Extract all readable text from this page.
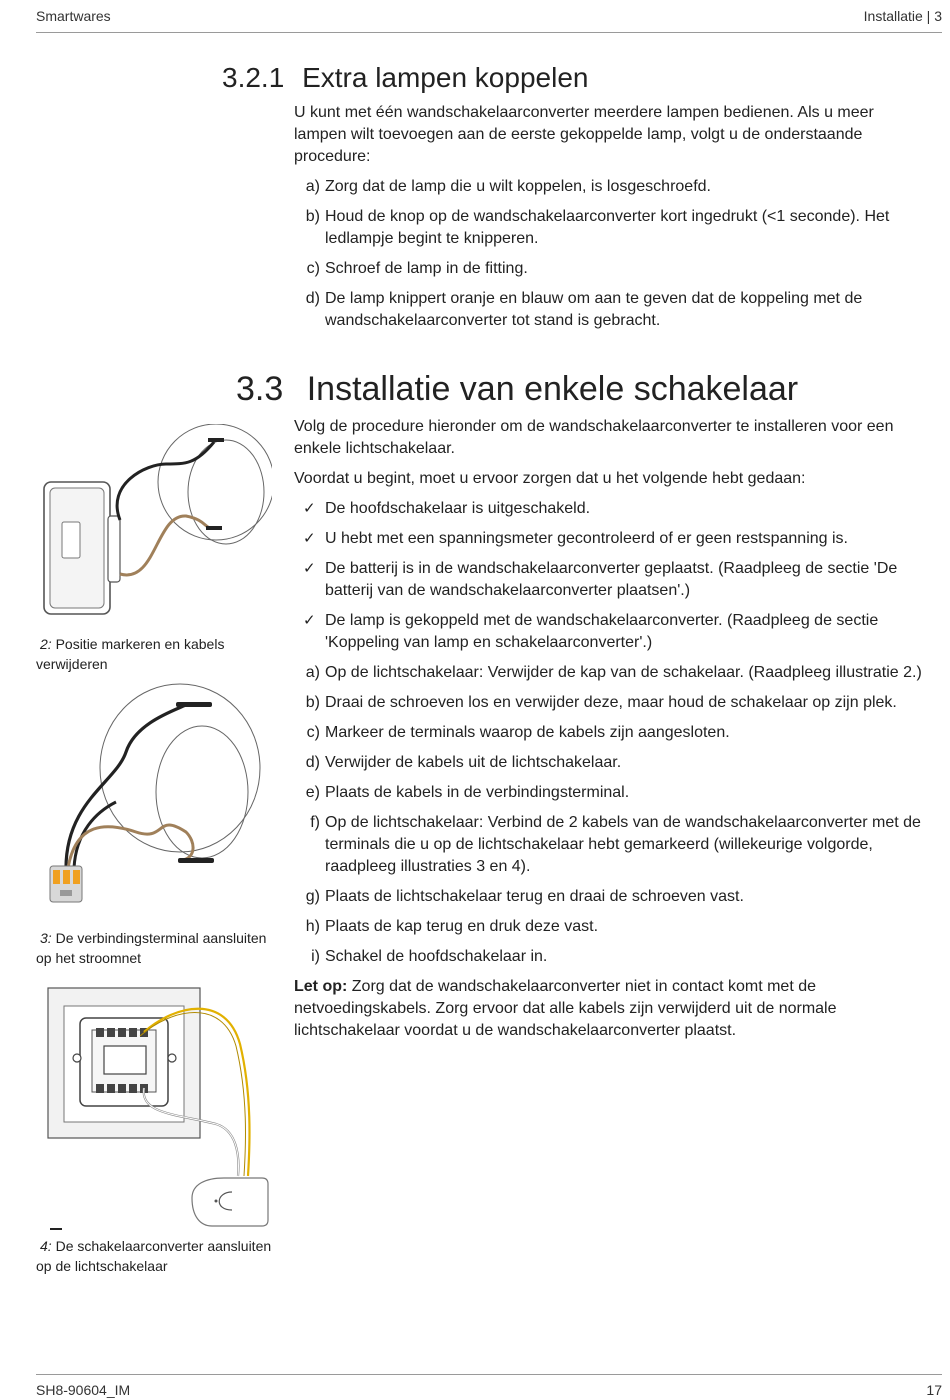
Smartwares	Installatie | 3
3.2.1 Extra lampen koppelen

U kunt met één wandschakelaarconverter meerdere lampen bedienen. Als u meer lampen wilt toevoegen aan de eerste gekoppelde lamp, volgt u de onderstaande procedure:

a) Zorg dat de lamp die u wilt koppelen, is losgeschroefd.
b) Houd de knop op de wandschakelaarconverter kort ingedrukt (<1 seconde). Het ledlampje begint te knipperen.
c) Schroef de lamp in de fitting.
d) De lamp knippert oranje en blauw om aan te geven dat de koppeling met de wandschakelaarconverter tot stand is gebracht.
3.3 Installatie van enkele schakelaar

Volg de procedure hieronder om de wandschakelaarconverter te installeren voor een enkele lichtschakelaar.

Voordat u begint, moet u ervoor zorgen dat u het volgende hebt gedaan:

✓ De hoofdschakelaar is uitgeschakeld.
✓ U hebt met een spanningsmeter gecontroleerd of er geen restspanning is.
✓ De batterij is in de wandschakelaarconverter geplaatst. (Raadpleeg de sectie 'De batterij van de wandschakelaarconverter plaatsen'.)
✓ De lamp is gekoppeld met de wandschakelaarconverter. (Raadpleeg de sectie 'Koppeling van lamp en schakelaarconverter'.)
a) Op de lichtschakelaar: Verwijder de kap van de schakelaar. (Raadpleeg illustratie 2.)
b) Draai de schroeven los en verwijder deze, maar houd de schakelaar op zijn plek.
c) Markeer de terminals waarop de kabels zijn aangesloten.
d) Verwijder de kabels uit de lichtschakelaar.
e) Plaats de kabels in de verbindingsterminal.
f) Op de lichtschakelaar: Verbind de 2 kabels van de wandschakelaarconverter met de terminals die u op de lichtschakelaar hebt gemarkeerd (willekeurige volgorde, raadpleeg illustraties 3 en 4).
g) Plaats de lichtschakelaar terug en draai de schroeven vast.
h) Plaats de kap terug en druk deze vast.
i) Schakel de hoofdschakelaar in.

Let op: Zorg dat de wandschakelaarconverter niet in contact komt met de netvoedingskabels. Zorg ervoor dat alle kabels zijn verwijderd uit de normale lichtschakelaar voordat u de wandschakelaarconverter plaatst.

2: Positie markeren en kabels verwijderen
3: De verbindingsterminal aansluiten op het stroomnet
4: De schakelaarconverter aansluiten op de lichtschakelaar
SH8-90604_IM	17
